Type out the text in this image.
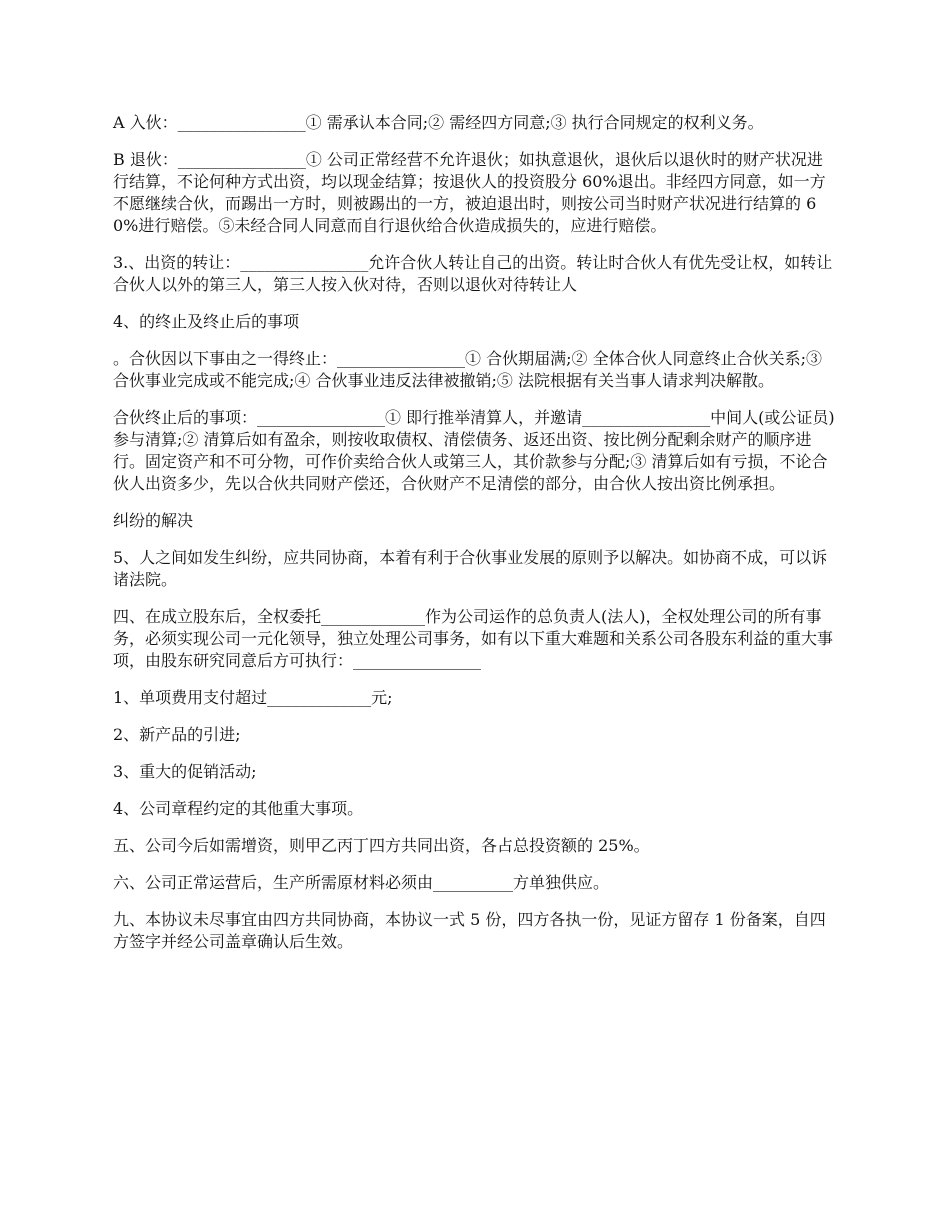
A 入伙：________________① 需承认本合同;② 需经四方同意;③ 执行合同规定的权利义务。

B 退伙：________________① 公司正常经营不允许退伙；如执意退伙，退伙后以退伙时的财产状况进行结算，不论何种方式出资，均以现金结算；按退伙人的投资股分 60%退出。非经四方同意，如一方不愿继续合伙，而踢出一方时，则被踢出的一方，被迫退出时，则按公司当时财产状况进行结算的 60%进行赔偿。⑤未经合同人同意而自行退伙给合伙造成损失的，应进行赔偿。

3.、出资的转让：________________允许合伙人转让自己的出资。转让时合伙人有优先受让权，如转让合伙人以外的第三人，第三人按入伙对待，否则以退伙对待转让人

4、的终止及终止后的事项

。合伙因以下事由之一得终止：________________① 合伙期届满;② 全体合伙人同意终止合伙关系;③ 合伙事业完成或不能完成;④ 合伙事业违反法律被撤销;⑤ 法院根据有关当事人请求判决解散。

合伙终止后的事项：________________① 即行推举清算人，并邀请________________中间人(或公证员)参与清算;② 清算后如有盈余，则按收取债权、清偿债务、返还出资、按比例分配剩余财产的顺序进行。固定资产和不可分物，可作价卖给合伙人或第三人，其价款参与分配;③ 清算后如有亏损，不论合伙人出资多少，先以合伙共同财产偿还，合伙财产不足清偿的部分，由合伙人按出资比例承担。

纠纷的解决

5、人之间如发生纠纷，应共同协商，本着有利于合伙事业发展的原则予以解决。如协商不成，可以诉诸法院。

四、在成立股东后，全权委托_____________作为公司运作的总负责人(法人)，全权处理公司的所有事务，必须实现公司一元化领导，独立处理公司事务，如有以下重大难题和关系公司各股东利益的重大事项，由股东研究同意后方可执行：________________

1、单项费用支付超过_____________元;

2、新产品的引进;

3、重大的促销活动;

4、公司章程约定的其他重大事项。

五、公司今后如需增资，则甲乙丙丁四方共同出资，各占总投资额的 25%。

六、公司正常运营后，生产所需原材料必须由__________方单独供应。

九、本协议未尽事宜由四方共同协商，本协议一式 5 份，四方各执一份，见证方留存 1 份备案，自四方签字并经公司盖章确认后生效。
